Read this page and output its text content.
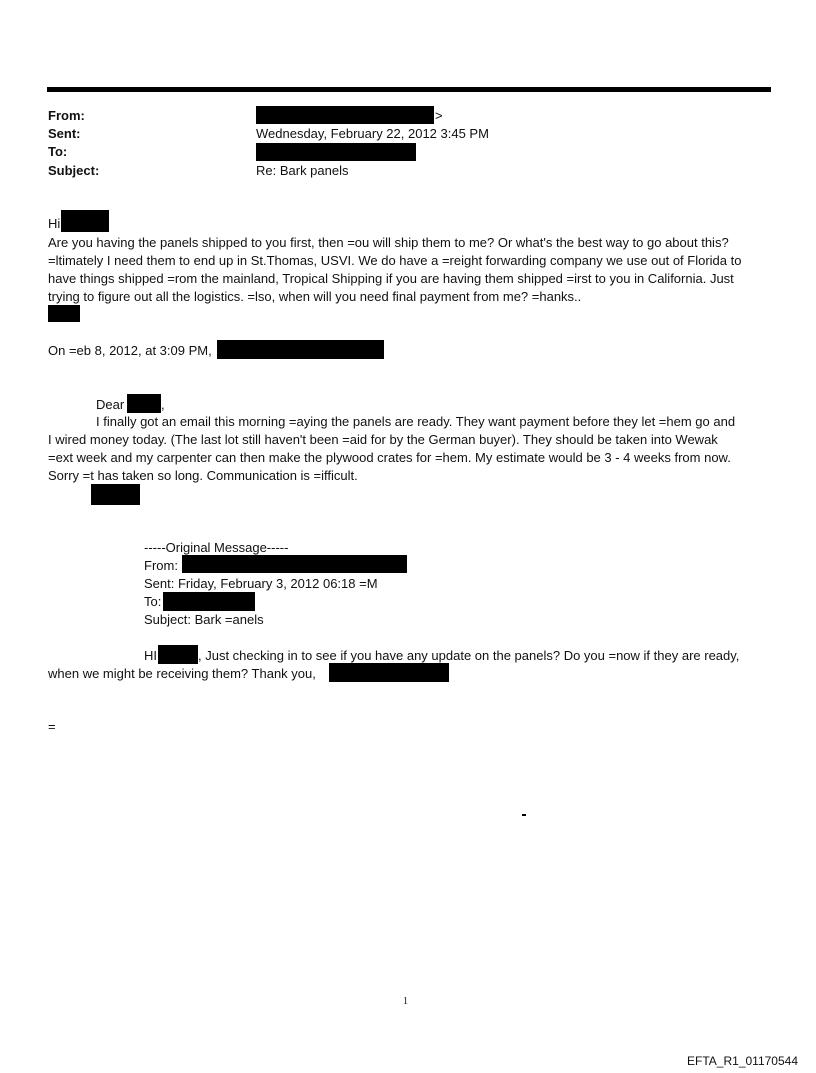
From:	>
Sent:	Wednesday, February 22, 2012 3:45 PM
To:
Subject:	Re: Bark panels
Hi
Are you having the panels shipped to you first, then =ou will ship them to me? Or what's the best way to go about this?
=ltimately I need them to end up in St.Thomas, USVI. We do have a =reight forwarding company we use out of Florida to
have things shipped =rom the mainland, Tropical Shipping if you are having them shipped =irst to you in California. Just
trying to figure out all the logistics. =lso, when will you need final payment from me? =hanks..
On =eb 8, 2012, at 3:09 PM,
Dear	,
I finally got an email this morning =aying the panels are ready. They want payment before they let =hem go and
I wired money today. (The last lot still haven't been =aid for by the German buyer). They should be taken into Wewak
=ext week and my carpenter can then make the plywood crates for =hem. My estimate would be 3 - 4 weeks from now.
Sorry =t has taken so long. Communication is =ifficult.
-----Original Message-----
From:
Sent: Friday, February 3, 2012 06:18 =M
To:
Subject: Bark =anels
HI	, Just checking in to see if you have any update on the panels? Do you =now if they are ready,
when we might be receiving them? Thank you,
=
1
EFTA_R1_01170544
